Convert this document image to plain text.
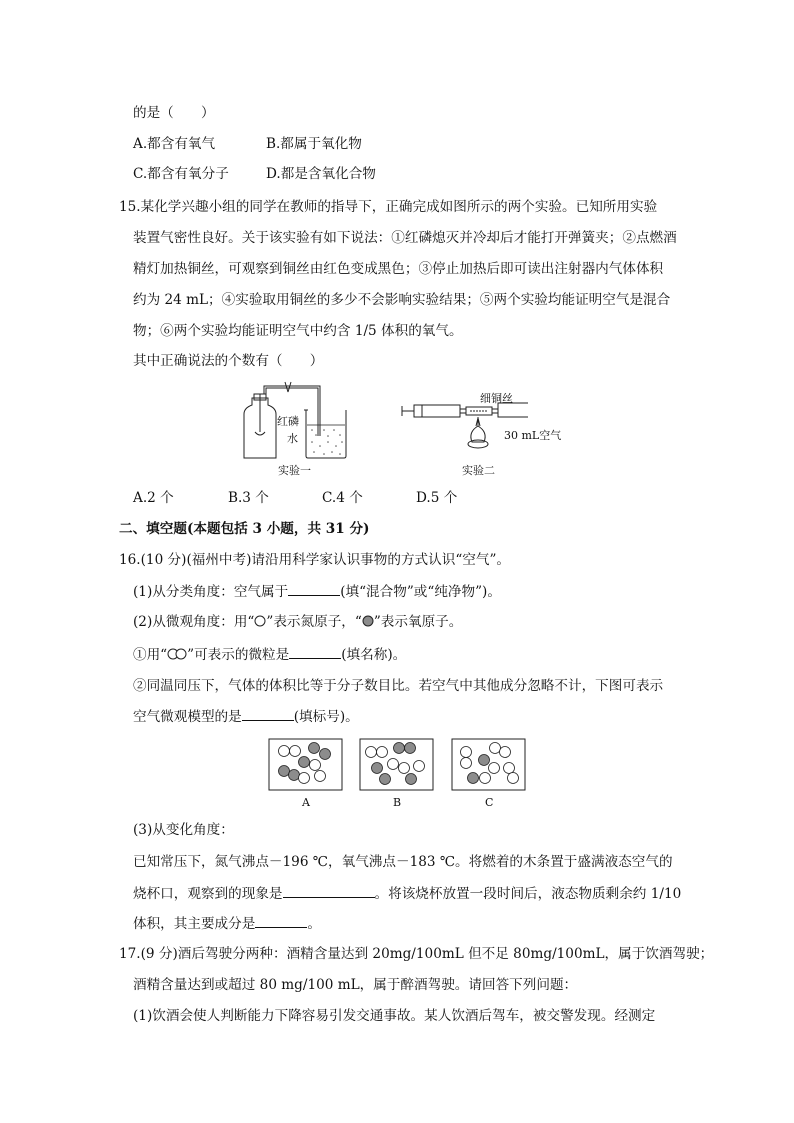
的是（　　）
A.都含有氧气	B.都属于氧化物
C.都含有氧分子	D.都是含氧化合物
15.某化学兴趣小组的同学在教师的指导下，正确完成如图所示的两个实验。已知所用实验
装置气密性良好。关于该实验有如下说法：①红磷熄灭并冷却后才能打开弹簧夹；②点燃酒
精灯加热铜丝，可观察到铜丝由红色变成黑色；③停止加热后即可读出注射器内气体体积
约为 24 mL；④实验取用铜丝的多少不会影响实验结果；⑤两个实验均能证明空气是混合
物；⑥两个实验均能证明空气中约含 1/5 体积的氧气。
其中正确说法的个数有（　　）
红磷
水
实验一
细铜丝
30 mL空气
实验二
A.2 个	B.3 个	C.4 个	D.5 个
二、填空题(本题包括 3 小题，共 31 分)
16.(10 分)(福州中考)请沿用科学家认识事物的方式认识“空气”。
(1)从分类角度：空气属于	(填“混合物”或“纯净物”)。
(2)从微观角度：用“ ”表示氮原子，“ ”表示氧原子。
①用“ ”可表示的微粒是	(填名称)。
②同温同压下，气体的体积比等于分子数目比。若空气中其他成分忽略不计，下图可表示
空气微观模型的是	(填标号)。
A	B	C
(3)从变化角度：
已知常压下，氮气沸点－196 ℃，氧气沸点－183 ℃。将燃着的木条置于盛满液态空气的
烧杯口，观察到的现象是	。将该烧杯放置一段时间后，液态物质剩余约 1/10
体积，其主要成分是	。
17.(9 分)酒后驾驶分两种：酒精含量达到 20mg/100mL 但不足 80mg/100mL，属于饮酒驾驶；
酒精含量达到或超过 80 mg/100 mL，属于醉酒驾驶。请回答下列问题：
(1)饮酒会使人判断能力下降容易引发交通事故。某人饮酒后驾车，被交警发现。经测定
